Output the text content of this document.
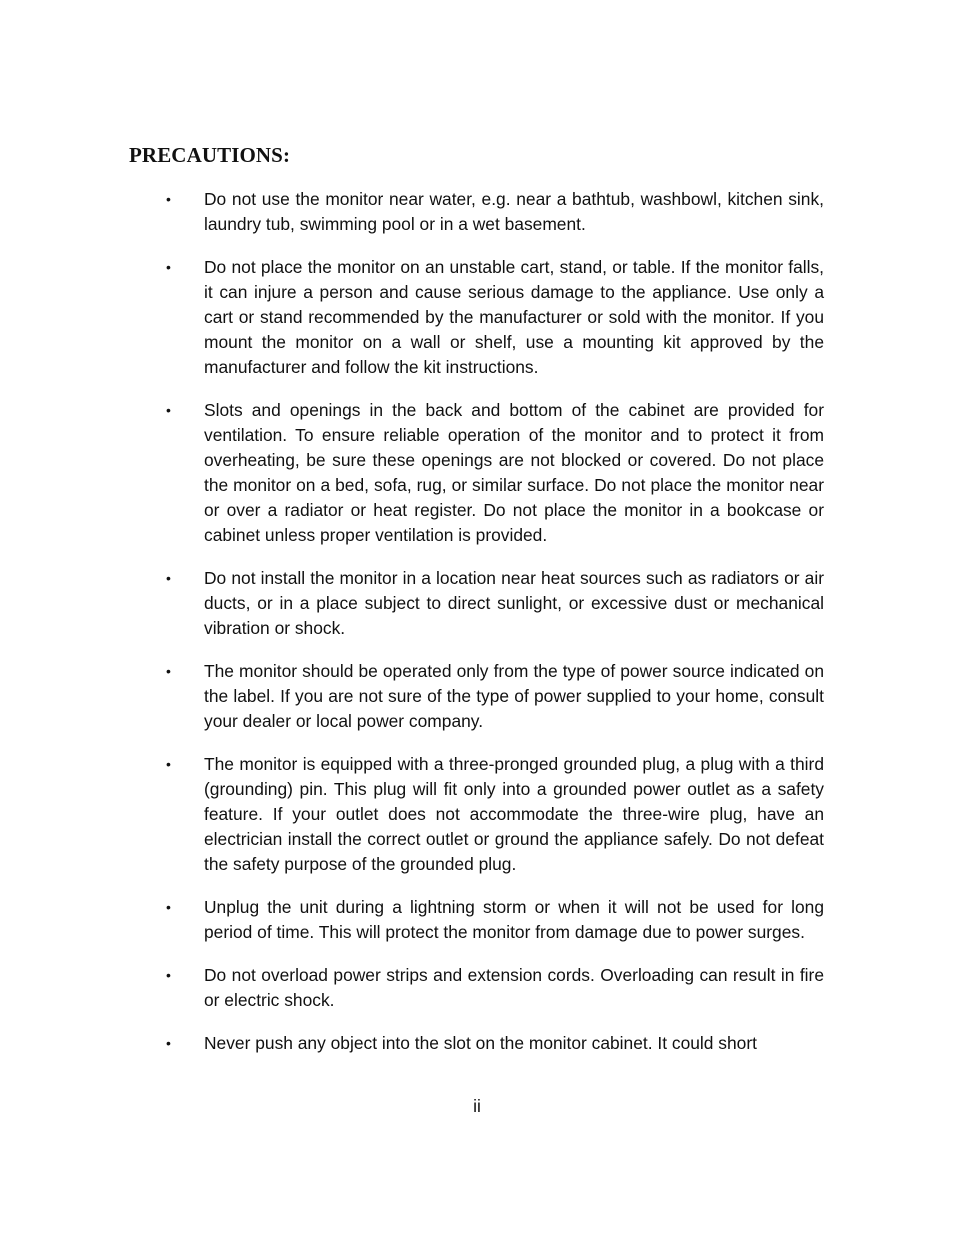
PRECAUTIONS:
• Do not use the monitor near water, e.g. near a bathtub, washbowl, kitchen sink, laundry tub, swimming pool or in a wet basement.
• Do not place the monitor on an unstable cart, stand, or table. If the monitor falls, it can injure a person and cause serious damage to the appliance. Use only a cart or stand recommended by the manufacturer or sold with the monitor. If you mount the monitor on a wall or shelf, use a mounting kit approved by the manufacturer and follow the kit instructions.
• Slots and openings in the back and bottom of the cabinet are provided for ventilation. To ensure reliable operation of the monitor and to protect it from overheating, be sure these openings are not blocked or covered. Do not place the monitor on a bed, sofa, rug, or similar surface. Do not place the monitor near or over a radiator or heat register. Do not place the monitor in a bookcase or cabinet unless proper ventilation is provided.
• Do not install the monitor in a location near heat sources such as radiators or air ducts, or in a place subject to direct sunlight, or excessive dust or mechanical vibration or shock.
• The monitor should be operated only from the type of power source indicated on the label. If you are not sure of the type of power supplied to your home, consult your dealer or local power company.
• The monitor is equipped with a three-pronged grounded plug, a plug with a third (grounding) pin. This plug will fit only into a grounded power outlet as a safety feature. If your outlet does not accommodate the three-wire plug, have an electrician install the correct outlet or ground the appliance safely. Do not defeat the safety purpose of the grounded plug.
• Unplug the unit during a lightning storm or when it will not be used for long period of time. This will protect the monitor from damage due to power surges.
• Do not overload power strips and extension cords. Overloading can result in fire or electric shock.
• Never push any object into the slot on the monitor cabinet. It could short
ii
